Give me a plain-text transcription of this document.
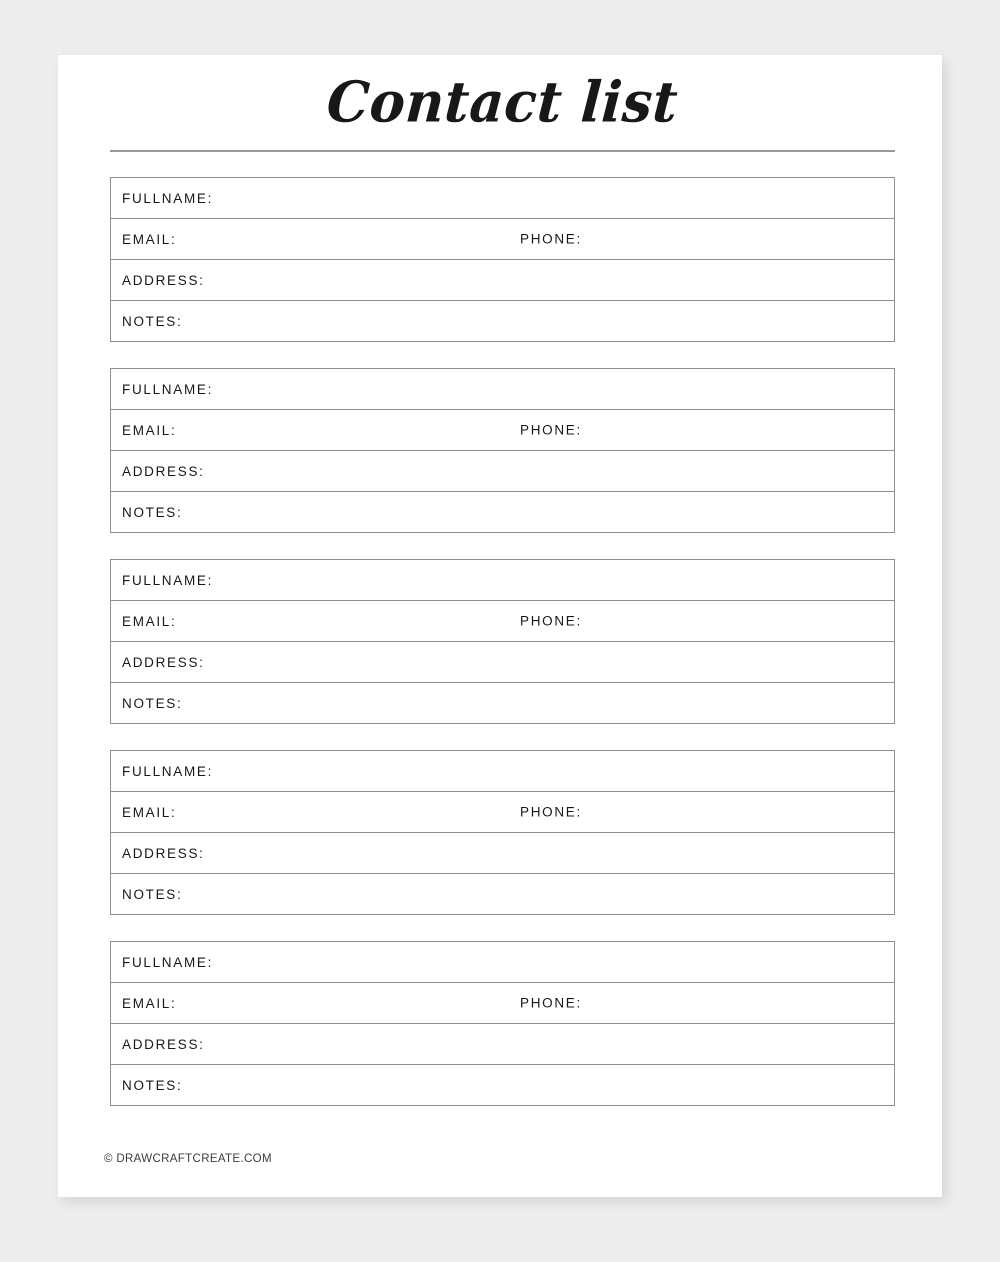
Contact list
FULLNAME:
EMAIL:	PHONE:
ADDRESS:
NOTES:
FULLNAME:
EMAIL:	PHONE:
ADDRESS:
NOTES:
FULLNAME:
EMAIL:	PHONE:
ADDRESS:
NOTES:
FULLNAME:
EMAIL:	PHONE:
ADDRESS:
NOTES:
FULLNAME:
EMAIL:	PHONE:
ADDRESS:
NOTES:
© DRAWCRAFTCREATE.COM
